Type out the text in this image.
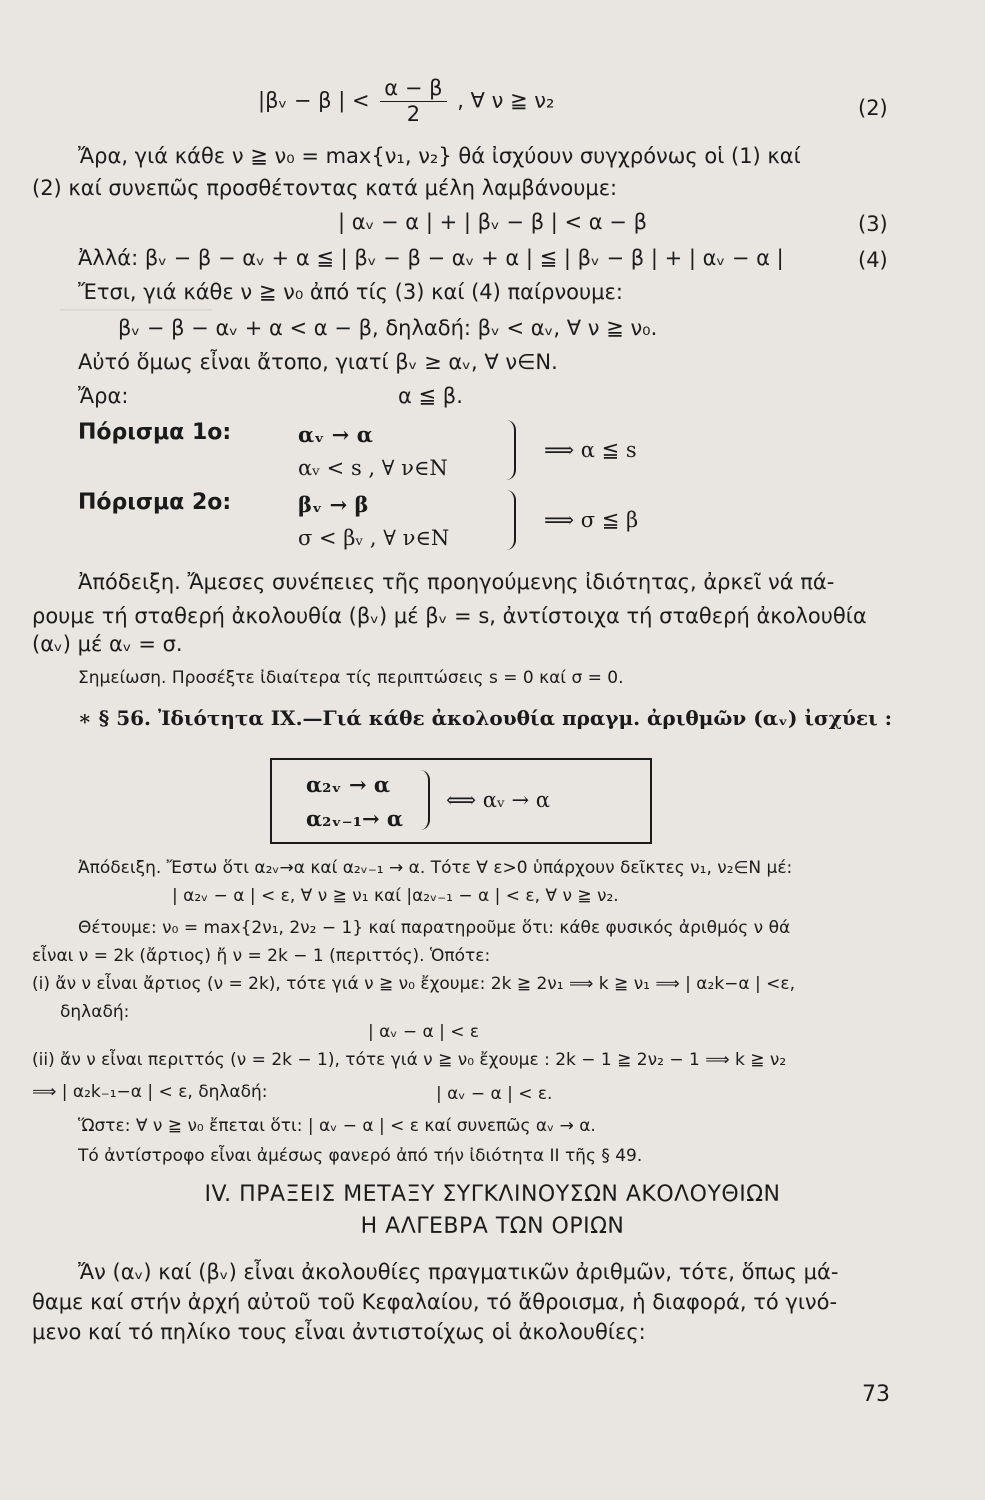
──────────────
|βᵥ − β | < $\frac{\alpha - \beta}{2}$ , ∀ ν ≧ ν₂	(2)
Ἄρα, γιά κάθε ν ≧ ν₀ = max{ν₁, ν₂} θά ἰσχύουν συγχρόνως οἱ (1) καί
(2) καί συνεπῶς προσθέτοντας κατά μέλη λαμβάνουμε:
| αᵥ − α | + | βᵥ − β | < α − β	(3)
Ἀλλά: βᵥ − β − αᵥ + α ≦ | βᵥ − β − αᵥ + α | ≦ | βᵥ − β | + | αᵥ − α |	(4)
Ἔτσι, γιά κάθε ν ≧ ν₀ ἀπό τίς (3) καί (4) παίρνουμε:
βᵥ − β − αᵥ + α < α − β, δηλαδή: βᵥ < αᵥ, ∀ ν ≧ ν₀.
Αὐτό ὅμως εἶναι ἄτοπο, γιατί βᵥ ≥ αᵥ, ∀ ν∈Ν.
Ἄρα:	α ≦ β.
Πόρισμα 1ο:	αᵥ → α
αᵥ < s , ∀ ν∈Ν
⟹ α ≦ s
Πόρισμα 2ο:	βᵥ → β
σ < βᵥ , ∀ ν∈Ν
⟹ σ ≦ β
Ἀπόδειξη. Ἄμεσες συνέπειες τῆς προηγούμενης ἰδιότητας, ἀρκεῖ νά πά-
ρουμε τή σταθερή ἀκολουθία (βᵥ) μέ βᵥ = s, ἀντίστοιχα τή σταθερή ἀκολουθία
(αᵥ) μέ αᵥ = σ.
Σημείωση. Προσέξτε ἰδιαίτερα τίς περιπτώσεις s = 0 καί σ = 0.
∗ § 56. Ἰδιότητα IX.—Γιά κάθε ἀκολουθία πραγμ. ἀριθμῶν (αᵥ) ἰσχύει :
α₂ᵥ → α
α₂ᵥ₋₁→ α
⟺ αᵥ → α
Ἀπόδειξη. Ἔστω ὅτι α₂ᵥ→α καί α₂ᵥ₋₁ → α. Τότε ∀ ε>0 ὑπάρχουν δεῖκτες ν₁, ν₂∈Ν μέ:
| α₂ᵥ − α | < ε, ∀ ν ≧ ν₁ καί |α₂ᵥ₋₁ − α | < ε, ∀ ν ≧ ν₂.
Θέτουμε: ν₀ = max{2ν₁, 2ν₂ − 1} καί παρατηροῦμε ὅτι: κάθε φυσικός ἀριθμός ν θά
εἶναι ν = 2k (ἄρτιος) ἤ ν = 2k − 1 (περιττός). Ὁπότε:
(i) ἄν ν εἶναι ἄρτιος (ν = 2k), τότε γιά ν ≧ ν₀ ἔχουμε: 2k ≧ 2ν₁ ⟹ k ≧ ν₁ ⟹ | α₂k−α | <ε,
δηλαδή:
| αᵥ − α | < ε
(ii) ἄν ν εἶναι περιττός (ν = 2k − 1), τότε γιά ν ≧ ν₀ ἔχουμε : 2k − 1 ≧ 2ν₂ − 1 ⟹ k ≧ ν₂
⟹ | α₂k₋₁−α | < ε, δηλαδή:	| αᵥ − α | < ε.
Ὥστε: ∀ ν ≧ ν₀ ἔπεται ὅτι: | αᵥ − α | < ε καί συνεπῶς αᵥ → α.
Τό ἀντίστροφο εἶναι ἀμέσως φανερό ἀπό τήν ἰδιότητα II τῆς § 49.
IV. ΠΡΑΞΕΙΣ ΜΕΤΑΞΥ ΣΥΓΚΛΙΝΟΥΣΩΝ ΑΚΟΛΟΥΘΙΩΝ
Η ΑΛΓΕΒΡΑ ΤΩΝ ΟΡΙΩΝ
Ἄν (αᵥ) καί (βᵥ) εἶναι ἀκολουθίες πραγματικῶν ἀριθμῶν, τότε, ὅπως μά-
θαμε καί στήν ἀρχή αὐτοῦ τοῦ Κεφαλαίου, τό ἄθροισμα, ἡ διαφορά, τό γινό-
μενο καί τό πηλίκο τους εἶναι ἀντιστοίχως οἱ ἀκολουθίες:
73
